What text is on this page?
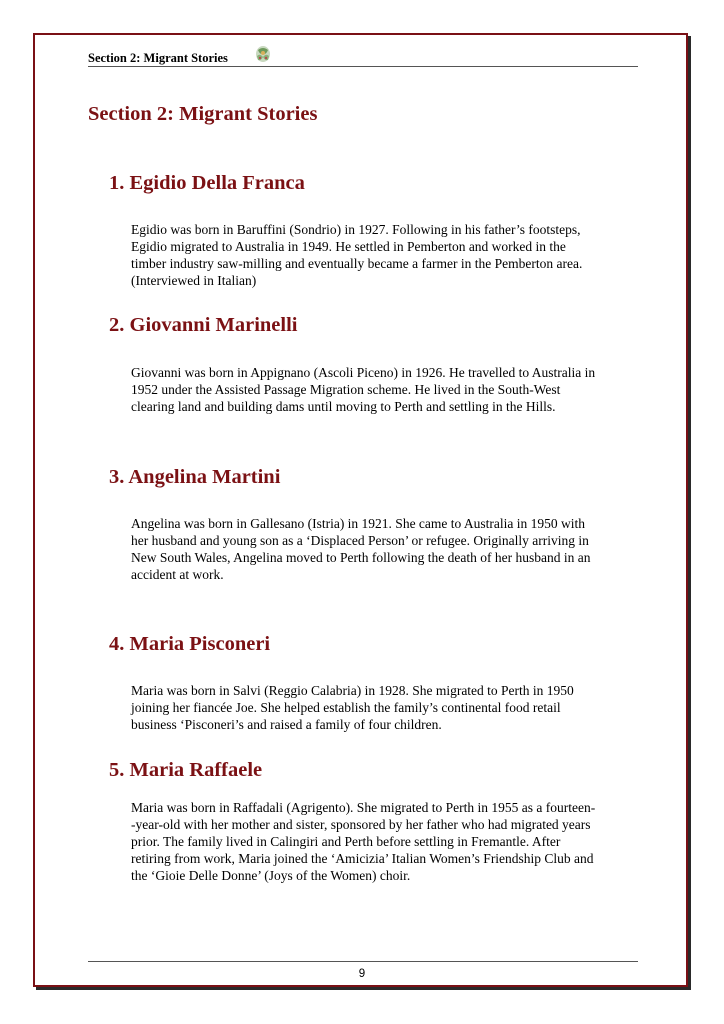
Section 2: Migrant Stories
Section 2: Migrant Stories
1. Egidio Della Franca

Egidio was born in Baruffini (Sondrio) in 1927. Following in his father’s footsteps,
Egidio migrated to Australia in 1949. He settled in Pemberton and worked in the
timber industry saw-milling and eventually became a farmer in the Pemberton area.
(Interviewed in Italian)

2. Giovanni Marinelli

Giovanni was born in Appignano (Ascoli Piceno) in 1926. He travelled to Australia in
1952 under the Assisted Passage Migration scheme. He lived in the South-West
clearing land and building dams until moving to Perth and settling in the Hills.

3. Angelina Martini

Angelina was born in Gallesano (Istria) in 1921. She came to Australia in 1950 with
her husband and young son as a ‘Displaced Person’ or refugee. Originally arriving in
New South Wales, Angelina moved to Perth following the death of her husband in an
accident at work.

4. Maria Pisconeri

Maria was born in Salvi (Reggio Calabria) in 1928. She migrated to Perth in 1950
joining her fiancée Joe. She helped establish the family’s continental food retail
business ‘Pisconeri’s and raised a family of four children.

5. Maria Raffaele

Maria was born in Raffadali (Agrigento). She migrated to Perth in 1955 as a fourteen-
-year-old with her mother and sister, sponsored by her father who had migrated years
prior. The family lived in Calingiri and Perth before settling in Fremantle. After
retiring from work, Maria joined the ‘Amicizia’ Italian Women’s Friendship Club and
the ‘Gioie Delle Donne’ (Joys of the Women) choir.

9
